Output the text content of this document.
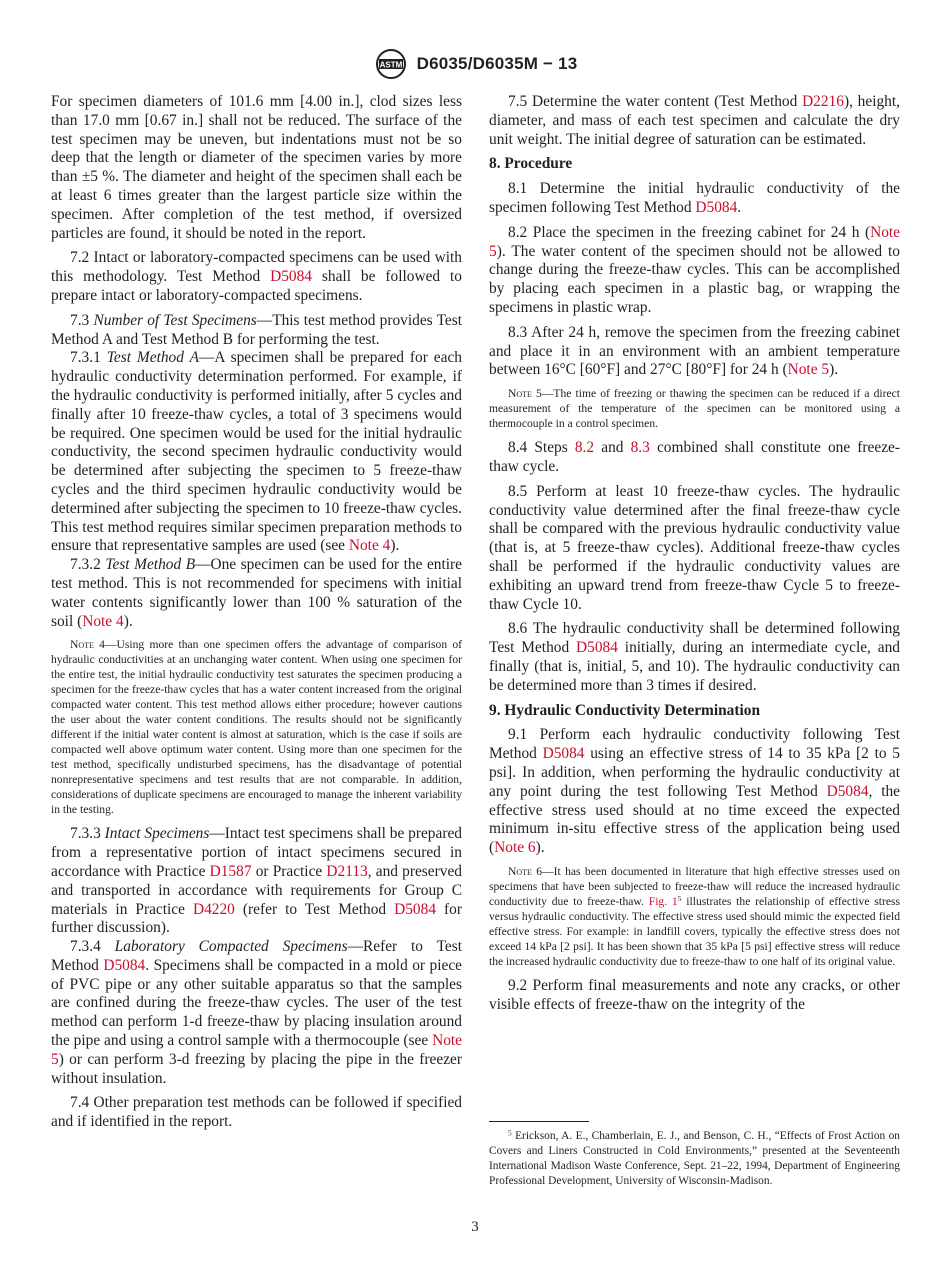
ASTM D6035/D6035M − 13
For specimen diameters of 101.6 mm [4.00 in.], clod sizes less than 17.0 mm [0.67 in.] shall not be reduced. The surface of the test specimen may be uneven, but indentations must not be so deep that the length or diameter of the specimen varies by more than ±5 %. The diameter and height of the specimen shall each be at least 6 times greater than the largest particle size within the specimen. After completion of the test method, if oversized particles are found, it should be noted in the report.
7.2 Intact or laboratory-compacted specimens can be used with this methodology. Test Method D5084 shall be followed to prepare intact or laboratory-compacted specimens.
7.3 Number of Test Specimens—This test method provides Test Method A and Test Method B for performing the test.
7.3.1 Test Method A—A specimen shall be prepared for each hydraulic conductivity determination performed. For example, if the hydraulic conductivity is performed initially, after 5 cycles and finally after 10 freeze-thaw cycles, a total of 3 specimens would be required. One specimen would be used for the initial hydraulic conductivity, the second specimen hydraulic conductivity would be determined after subjecting the specimen to 5 freeze-thaw cycles and the third specimen hydraulic conductivity would be determined after subjecting the specimen to 10 freeze-thaw cycles. This test method requires similar specimen preparation methods to ensure that representative samples are used (see Note 4).
7.3.2 Test Method B—One specimen can be used for the entire test method. This is not recommended for specimens with initial water contents significantly lower than 100 % saturation of the soil (Note 4).
Note 4—Using more than one specimen offers the advantage of comparison of hydraulic conductivities at an unchanging water content. When using one specimen for the entire test, the initial hydraulic conductivity test saturates the specimen producing a specimen for the freeze-thaw cycles that has a water content increased from the original compacted water content. This test method allows either procedure; however cautions the user about the water content conditions. The results should not be significantly different if the initial water content is almost at saturation, which is the case if soils are compacted well above optimum water content. Using more than one specimen for the test method, specifically undisturbed specimens, has the disadvantage of potential nonrepresentative specimens and test results that are not comparable. In addition, considerations of duplicate specimens are encouraged to manage the inherent variability in the testing.
7.3.3 Intact Specimens—Intact test specimens shall be prepared from a representative portion of intact specimens secured in accordance with Practice D1587 or Practice D2113, and preserved and transported in accordance with requirements for Group C materials in Practice D4220 (refer to Test Method D5084 for further discussion).
7.3.4 Laboratory Compacted Specimens—Refer to Test Method D5084. Specimens shall be compacted in a mold or piece of PVC pipe or any other suitable apparatus so that the samples are confined during the freeze-thaw cycles. The user of the test method can perform 1-d freeze-thaw by placing insulation around the pipe and using a control sample with a thermocouple (see Note 5) or can perform 3-d freezing by placing the pipe in the freezer without insulation.
7.4 Other preparation test methods can be followed if specified and if identified in the report.
7.5 Determine the water content (Test Method D2216), height, diameter, and mass of each test specimen and calculate the dry unit weight. The initial degree of saturation can be estimated.
8. Procedure
8.1 Determine the initial hydraulic conductivity of the specimen following Test Method D5084.
8.2 Place the specimen in the freezing cabinet for 24 h (Note 5). The water content of the specimen should not be allowed to change during the freeze-thaw cycles. This can be accomplished by placing each specimen in a plastic bag, or wrapping the specimens in plastic wrap.
8.3 After 24 h, remove the specimen from the freezing cabinet and place it in an environment with an ambient temperature between 16°C [60°F] and 27°C [80°F] for 24 h (Note 5).
Note 5—The time of freezing or thawing the specimen can be reduced if a direct measurement of the temperature of the specimen can be monitored using a thermocouple in a control specimen.
8.4 Steps 8.2 and 8.3 combined shall constitute one freeze-thaw cycle.
8.5 Perform at least 10 freeze-thaw cycles. The hydraulic conductivity value determined after the final freeze-thaw cycle shall be compared with the previous hydraulic conductivity value (that is, at 5 freeze-thaw cycles). Additional freeze-thaw cycles shall be performed if the hydraulic conductivity values are exhibiting an upward trend from freeze-thaw Cycle 5 to freeze-thaw Cycle 10.
8.6 The hydraulic conductivity shall be determined following Test Method D5084 initially, during an intermediate cycle, and finally (that is, initial, 5, and 10). The hydraulic conductivity can be determined more than 3 times if desired.
9. Hydraulic Conductivity Determination
9.1 Perform each hydraulic conductivity following Test Method D5084 using an effective stress of 14 to 35 kPa [2 to 5 psi]. In addition, when performing the hydraulic conductivity at any point during the test following Test Method D5084, the effective stress used should at no time exceed the expected minimum in-situ effective stress of the application being used (Note 6).
Note 6—It has been documented in literature that high effective stresses used on specimens that have been subjected to freeze-thaw will reduce the increased hydraulic conductivity due to freeze-thaw. Fig. $1^5$ illustrates the relationship of effective stress versus hydraulic conductivity. The effective stress used should mimic the expected field effective stress. For example: in landfill covers, typically the effective stress does not exceed 14 kPa [2 psi]. It has been shown that 35 kPa [5 psi] effective stress will reduce the increased hydraulic conductivity due to freeze-thaw to one half of its original value.
9.2 Perform final measurements and note any cracks, or other visible effects of freeze-thaw on the integrity of the
$^5$ Erickson, A. E., Chamberlain, E. J., and Benson, C. H., “Effects of Frost Action on Covers and Liners Constructed in Cold Environments,” presented at the Seventeenth International Madison Waste Conference, Sept. 21–22, 1994, Department of Engineering Professional Development, University of Wisconsin-Madison.
3
